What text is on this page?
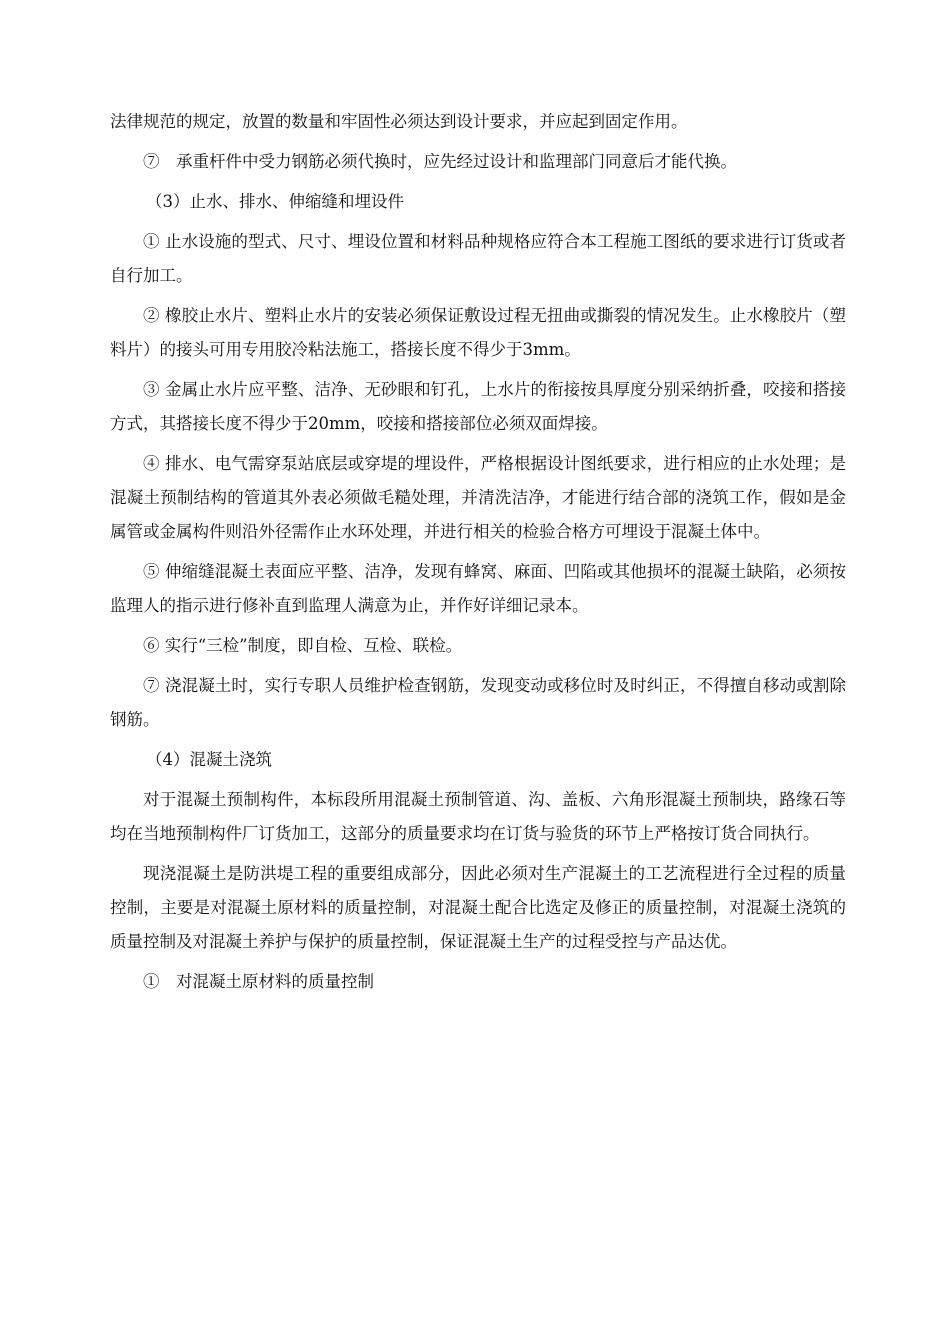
法律规范的规定，放置的数量和牢固性必须达到设计要求，并应起到固定作用。

⑦　承重杆件中受力钢筋必须代换时，应先经过设计和监理部门同意后才能代换。

（3）止水、排水、伸缩缝和埋设件

① 止水设施的型式、尺寸、埋设位置和材料品种规格应符合本工程施工图纸的要求进行订货或者自行加工。

② 橡胶止水片、塑料止水片的安装必须保证敷设过程无扭曲或撕裂的情况发生。止水橡胶片（塑料片）的接头可用专用胶冷粘法施工，搭接长度不得少于3mm。

③ 金属止水片应平整、洁净、无砂眼和钉孔，上水片的衔接按具厚度分别采纳折叠，咬接和搭接方式，其搭接长度不得少于20mm，咬接和搭接部位必须双面焊接。

④ 排水、电气需穿泵站底层或穿堤的埋设件，严格根据设计图纸要求，进行相应的止水处理；是混凝土预制结构的管道其外表必须做毛糙处理，并清洗洁净，才能进行结合部的浇筑工作，假如是金属管或金属构件则沿外径需作止水环处理，并进行相关的检验合格方可埋设于混凝土体中。

⑤ 伸缩缝混凝土表面应平整、洁净，发现有蜂窝、麻面、凹陷或其他损坏的混凝土缺陷，必须按监理人的指示进行修补直到监理人满意为止，并作好详细记录本。

⑥ 实行“三检”制度，即自检、互检、联检。

⑦ 浇混凝土时，实行专职人员维护检查钢筋，发现变动或移位时及时纠正，不得擅自移动或割除钢筋。

（4）混凝土浇筑

对于混凝土预制构件，本标段所用混凝土预制管道、沟、盖板、六角形混凝土预制块，路缘石等均在当地预制构件厂订货加工，这部分的质量要求均在订货与验货的环节上严格按订货合同执行。

现浇混凝土是防洪堤工程的重要组成部分，因此必须对生产混凝土的工艺流程进行全过程的质量控制，主要是对混凝土原材料的质量控制，对混凝土配合比选定及修正的质量控制，对混凝土浇筑的质量控制及对混凝土养护与保护的质量控制，保证混凝土生产的过程受控与产品达优。

①　对混凝土原材料的质量控制
